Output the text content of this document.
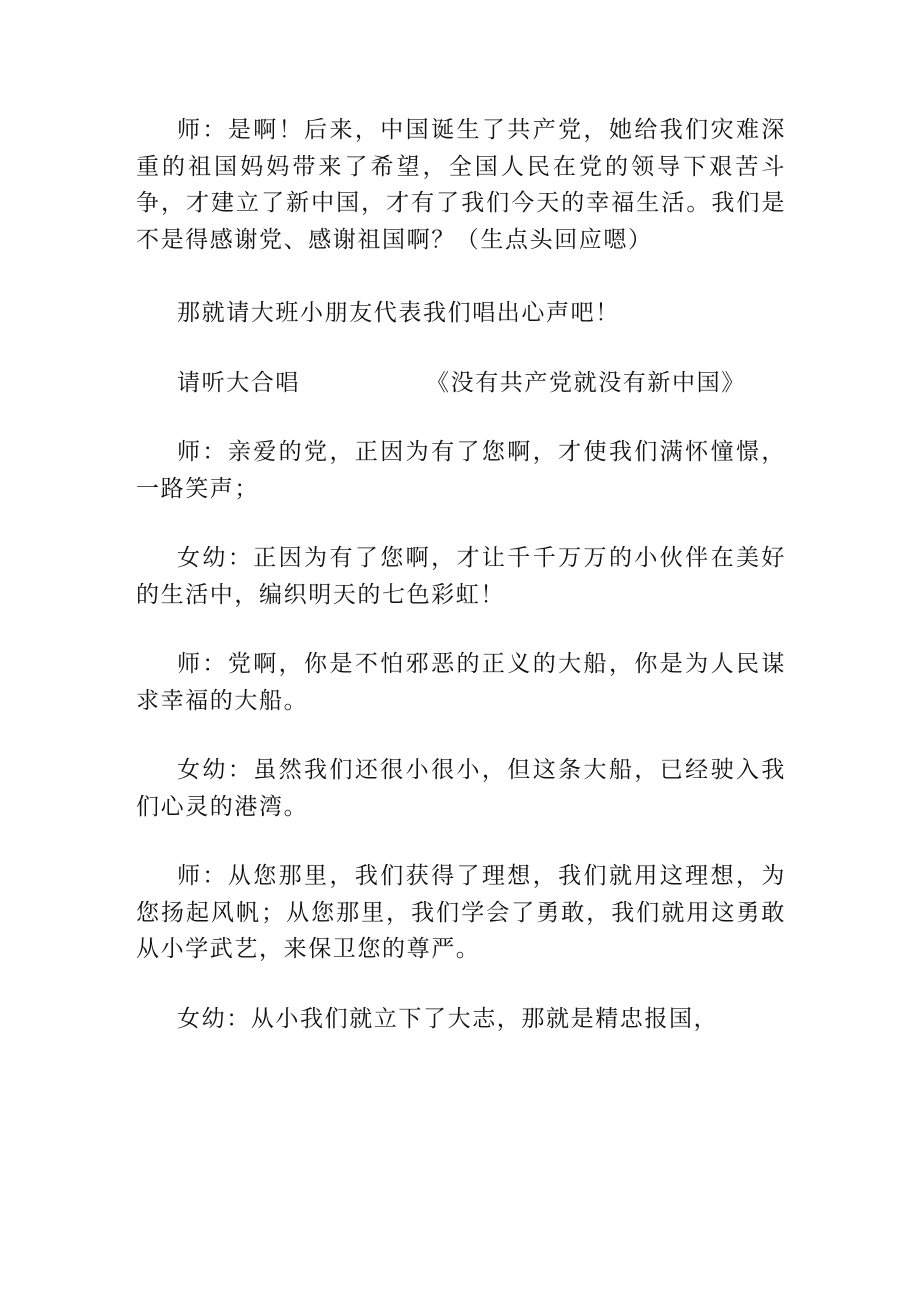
师：是啊！后来，中国诞生了共产党，她给我们灾难深重的祖国妈妈带来了希望，全国人民在党的领导下艰苦斗争，才建立了新中国，才有了我们今天的幸福生活。我们是不是得感谢党、感谢祖国啊？（生点头回应嗯）

那就请大班小朋友代表我们唱出心声吧！

请听大合唱	《没有共产党就没有新中国》

师：亲爱的党，正因为有了您啊，才使我们满怀憧憬，一路笑声；

女幼：正因为有了您啊，才让千千万万的小伙伴在美好的生活中，编织明天的七色彩虹！

师：党啊，你是不怕邪恶的正义的大船，你是为人民谋求幸福的大船。

女幼：虽然我们还很小很小，但这条大船，已经驶入我们心灵的港湾。

师：从您那里，我们获得了理想，我们就用这理想，为您扬起风帆；从您那里，我们学会了勇敢，我们就用这勇敢从小学武艺，来保卫您的尊严。

女幼：从小我们就立下了大志，那就是精忠报国，
